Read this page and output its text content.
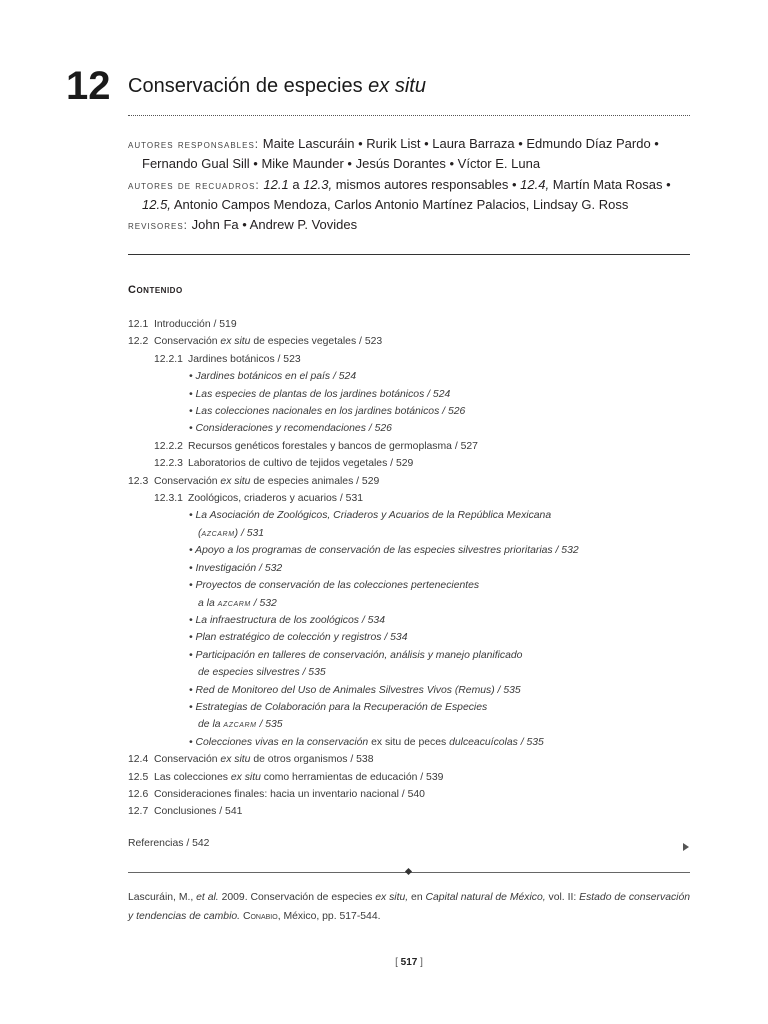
12 Conservación de especies ex situ

autores responsables: Maite Lascuráin • Rurik List • Laura Barraza • Edmundo Díaz Pardo •

Fernando Gual Sill • Mike Maunder • Jesús Dorantes • Víctor E. Luna

autores de recuadros: 12.1 a 12.3, mismos autores responsables • 12.4, Martín Mata Rosas •

12.5, Antonio Campos Mendoza, Carlos Antonio Martínez Palacios, Lindsay G. Ross

revisores: John Fa • Andrew P. Vovides

Contenido
12.1 Introducción / 519
12.2 Conservación ex situ de especies vegetales / 523
12.2.1 Jardines botánicos / 523
• Jardines botánicos en el país / 524
• Las especies de plantas de los jardines botánicos / 524
• Las colecciones nacionales en los jardines botánicos / 526
• Consideraciones y recomendaciones / 526
12.2.2 Recursos genéticos forestales y bancos de germoplasma / 527
12.2.3 Laboratorios de cultivo de tejidos vegetales / 529
12.3 Conservación ex situ de especies animales / 529
12.3.1 Zoológicos, criaderos y acuarios / 531
• La Asociación de Zoológicos, Criaderos y Acuarios de la República Mexicana
(azcarm) / 531
• Apoyo a los programas de conservación de las especies silvestres prioritarias / 532
• Investigación / 532
• Proyectos de conservación de las colecciones pertenecientes
a la azcarm / 532
• La infraestructura de los zoológicos / 534
• Plan estratégico de colección y registros / 534
• Participación en talleres de conservación, análisis y manejo planificado
de especies silvestres / 535
• Red de Monitoreo del Uso de Animales Silvestres Vivos (Remus) / 535
• Estrategias de Colaboración para la Recuperación de Especies
de la azcarm / 535
• Colecciones vivas en la conservación ex situ de peces dulceacuícolas / 535
12.4 Conservación ex situ de otros organismos / 538
12.5 Las colecciones ex situ como herramientas de educación / 539
12.6 Consideraciones finales: hacia un inventario nacional / 540
12.7 Conclusiones / 541
Referencias / 542
Lascuráin, M., et al. 2009. Conservación de especies ex situ, en Capital natural de México, vol. II: Estado de conservación
y tendencias de cambio. Conabio, México, pp. 517-544.
[ 517 ]
